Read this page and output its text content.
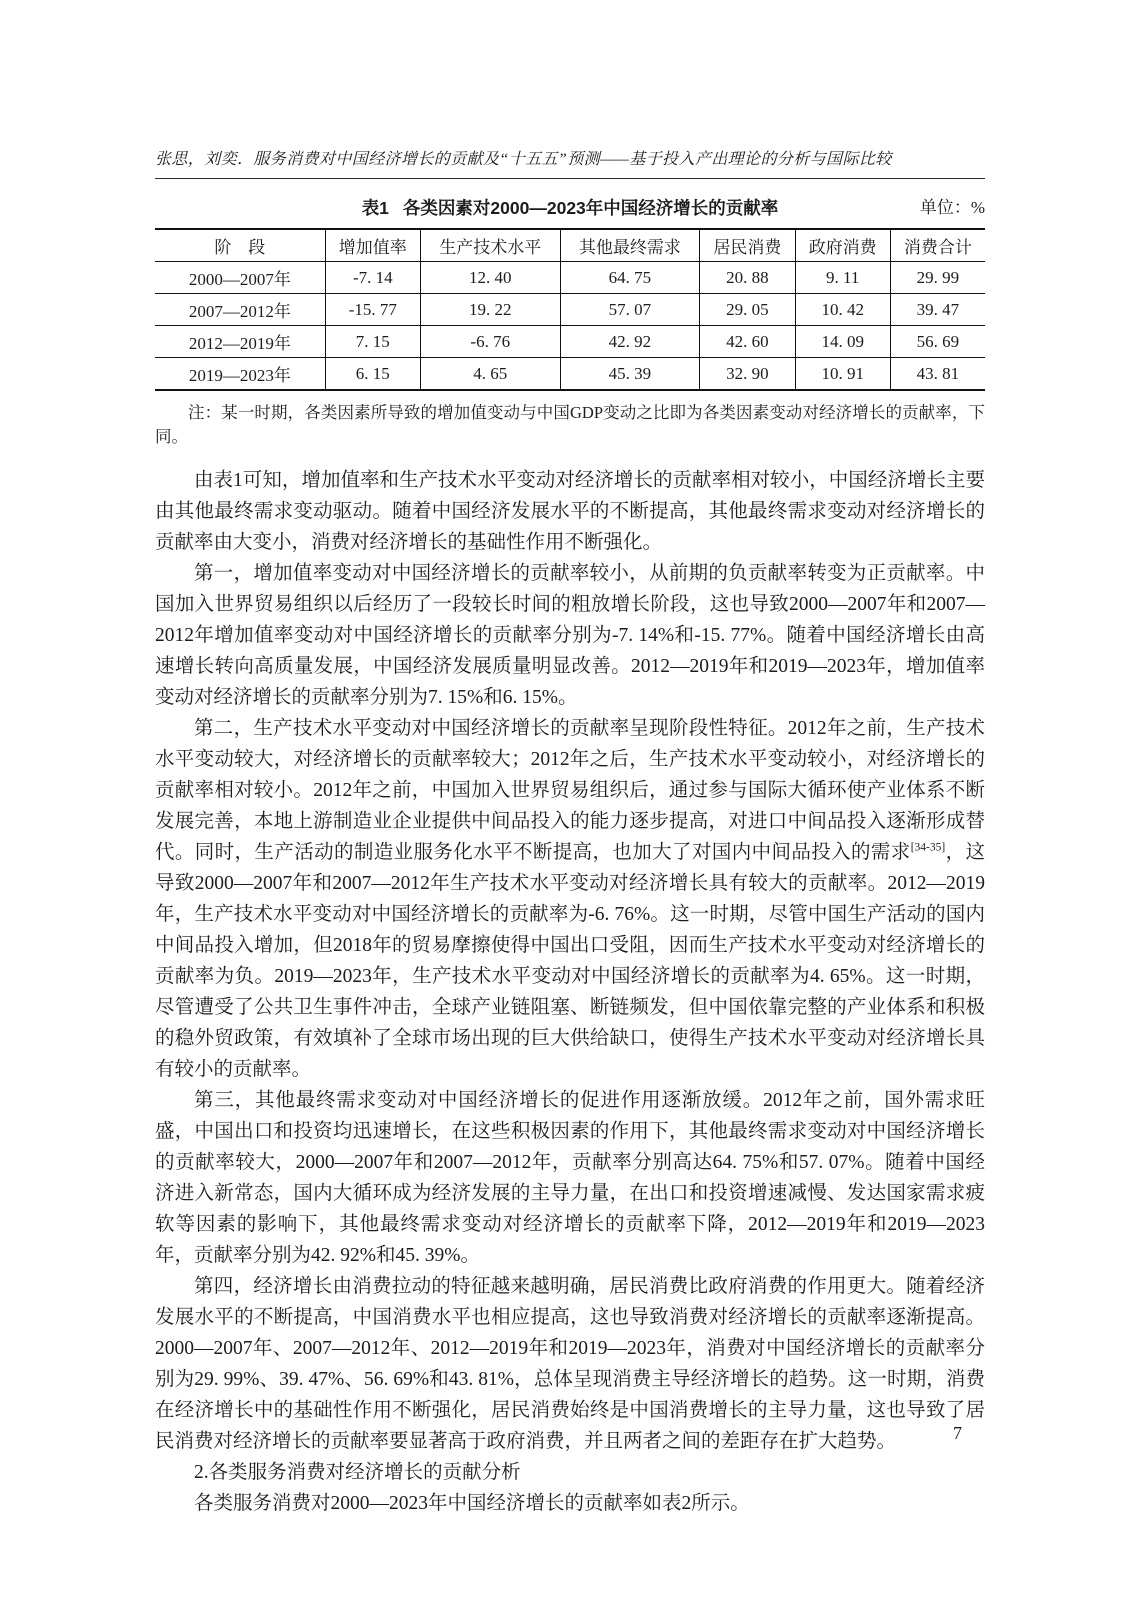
张思，刘奕．服务消费对中国经济增长的贡献及“十五五”预测——基于投入产出理论的分析与国际比较
表1 各类因素对2000—2023年中国经济增长的贡献率	单位：%
阶　段	增加值率	生产技术水平	其他最终需求	居民消费	政府消费	消费合计
2000—2007年	-7. 14	12. 40	64. 75	20. 88	9. 11	29. 99
2007—2012年	-15. 77	19. 22	57. 07	29. 05	10. 42	39. 47
2012—2019年	7. 15	-6. 76	42. 92	42. 60	14. 09	56. 69
2019—2023年	6. 15	4. 65	45. 39	32. 90	10. 91	43. 81

注：某一时期，各类因素所导致的增加值变动与中国GDP变动之比即为各类因素变动对经济增长的贡献率，下同。

由表1可知，增加值率和生产技术水平变动对经济增长的贡献率相对较小，中国经济增长主要由其他最终需求变动驱动。随着中国经济发展水平的不断提高，其他最终需求变动对经济增长的贡献率由大变小，消费对经济增长的基础性作用不断强化。

第一，增加值率变动对中国经济增长的贡献率较小，从前期的负贡献率转变为正贡献率。中国加入世界贸易组织以后经历了一段较长时间的粗放增长阶段，这也导致2000—2007年和2007—2012年增加值率变动对中国经济增长的贡献率分别为-7. 14%和-15. 77%。随着中国经济增长由高速增长转向高质量发展，中国经济发展质量明显改善。2012—2019年和2019—2023年，增加值率变动对经济增长的贡献率分别为7. 15%和6. 15%。

第二，生产技术水平变动对中国经济增长的贡献率呈现阶段性特征。2012年之前，生产技术水平变动较大，对经济增长的贡献率较大；2012年之后，生产技术水平变动较小，对经济增长的贡献率相对较小。2012年之前，中国加入世界贸易组织后，通过参与国际大循环使产业体系不断发展完善，本地上游制造业企业提供中间品投入的能力逐步提高，对进口中间品投入逐渐形成替代。同时，生产活动的制造业服务化水平不断提高，也加大了对国内中间品投入的需求[34-35]，这导致2000—2007年和2007—2012年生产技术水平变动对经济增长具有较大的贡献率。2012—2019年，生产技术水平变动对中国经济增长的贡献率为-6. 76%。这一时期，尽管中国生产活动的国内中间品投入增加，但2018年的贸易摩擦使得中国出口受阻，因而生产技术水平变动对经济增长的贡献率为负。2019—2023年，生产技术水平变动对中国经济增长的贡献率为4. 65%。这一时期，尽管遭受了公共卫生事件冲击，全球产业链阻塞、断链频发，但中国依靠完整的产业体系和积极的稳外贸政策，有效填补了全球市场出现的巨大供给缺口，使得生产技术水平变动对经济增长具有较小的贡献率。

第三，其他最终需求变动对中国经济增长的促进作用逐渐放缓。2012年之前，国外需求旺盛，中国出口和投资均迅速增长，在这些积极因素的作用下，其他最终需求变动对中国经济增长的贡献率较大，2000—2007年和2007—2012年，贡献率分别高达64. 75%和57. 07%。随着中国经济进入新常态，国内大循环成为经济发展的主导力量，在出口和投资增速减慢、发达国家需求疲软等因素的影响下，其他最终需求变动对经济增长的贡献率下降，2012—2019年和2019—2023年，贡献率分别为42. 92%和45. 39%。

第四，经济增长由消费拉动的特征越来越明确，居民消费比政府消费的作用更大。随着经济发展水平的不断提高，中国消费水平也相应提高，这也导致消费对经济增长的贡献率逐渐提高。2000—2007年、2007—2012年、2012—2019年和2019—2023年，消费对中国经济增长的贡献率分别为29. 99%、39. 47%、56. 69%和43. 81%，总体呈现消费主导经济增长的趋势。这一时期，消费在经济增长中的基础性作用不断强化，居民消费始终是中国消费增长的主导力量，这也导致了居民消费对经济增长的贡献率要显著高于政府消费，并且两者之间的差距存在扩大趋势。

2.各类服务消费对经济增长的贡献分析

各类服务消费对2000—2023年中国经济增长的贡献率如表2所示。

7
